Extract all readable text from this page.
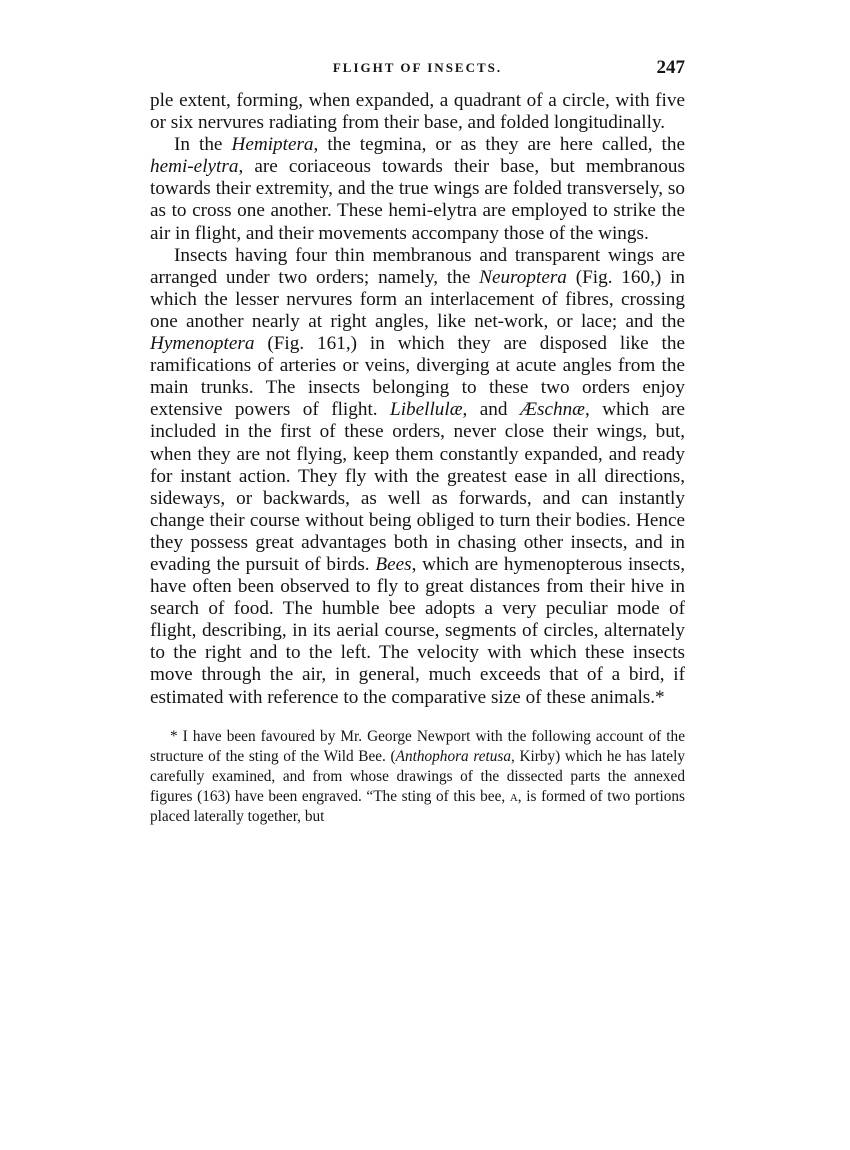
FLIGHT OF INSECTS.	247

ple extent, forming, when expanded, a quadrant of a circle, with five or six nervures radiating from their base, and folded longitudinally.

In the Hemiptera, the tegmina, or as they are here called, the hemi-elytra, are coriaceous towards their base, but membranous towards their extremity, and the true wings are folded transversely, so as to cross one another. These hemi-elytra are employed to strike the air in flight, and their movements accompany those of the wings.

Insects having four thin membranous and transparent wings are arranged under two orders; namely, the Neuroptera (Fig. 160,) in which the lesser nervures form an interlacement of fibres, crossing one another nearly at right angles, like net-work, or lace; and the Hymenoptera (Fig. 161,) in which they are disposed like the ramifications of arteries or veins, diverging at acute angles from the main trunks. The insects belonging to these two orders enjoy extensive powers of flight. Libellulæ, and Æschnæ, which are included in the first of these orders, never close their wings, but, when they are not flying, keep them constantly expanded, and ready for instant action. They fly with the greatest ease in all directions, sideways, or backwards, as well as forwards, and can instantly change their course without being obliged to turn their bodies. Hence they possess great advantages both in chasing other insects, and in evading the pursuit of birds. Bees, which are hymenopterous insects, have often been observed to fly to great distances from their hive in search of food. The humble bee adopts a very peculiar mode of flight, describing, in its aerial course, segments of circles, alternately to the right and to the left. The velocity with which these insects move through the air, in general, much exceeds that of a bird, if estimated with reference to the comparative size of these animals.*

* I have been favoured by Mr. George Newport with the following account of the structure of the sting of the Wild Bee. (Anthophora retusa, Kirby) which he has lately carefully examined, and from whose drawings of the dissected parts the annexed figures (163) have been engraved. “The sting of this bee, a, is formed of two portions placed laterally together, but
